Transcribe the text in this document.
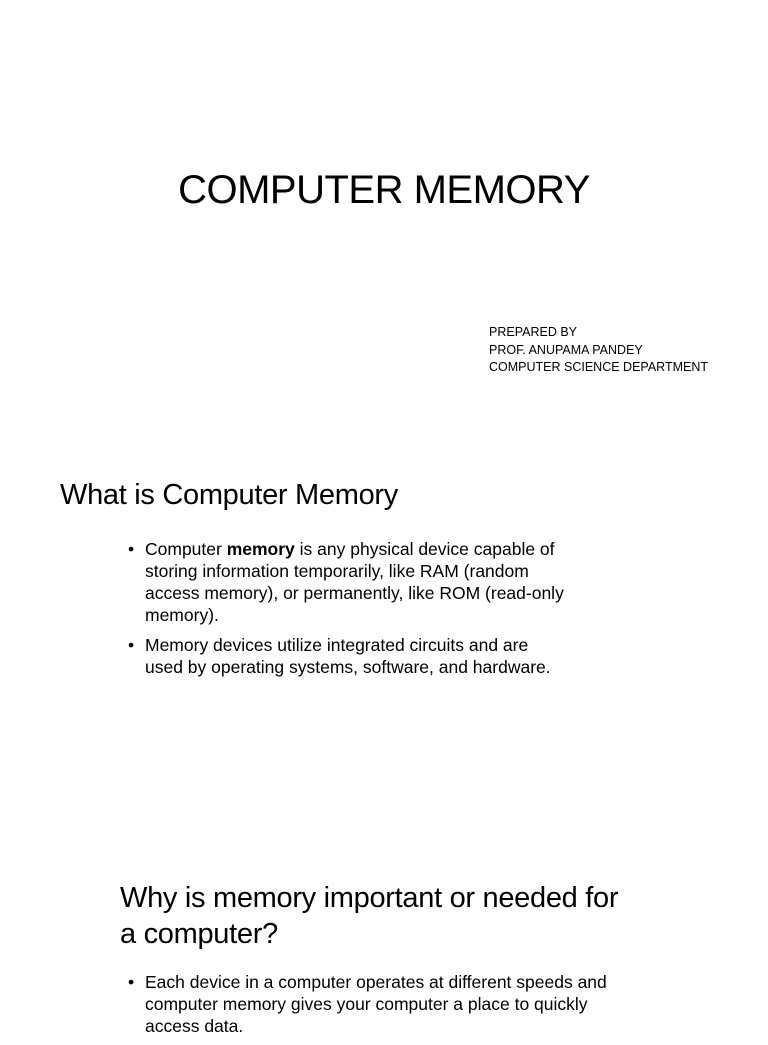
COMPUTER MEMORY
PREPARED BY
PROF. ANUPAMA PANDEY
COMPUTER SCIENCE DEPARTMENT
What is Computer Memory
• Computer memory is any physical device capable of storing information temporarily, like RAM (random access memory), or permanently, like ROM (read-only memory).
• Memory devices utilize integrated circuits and are used by operating systems, software, and hardware.
Why is memory important or needed for a computer?
• Each device in a computer operates at different speeds and computer memory gives your computer a place to quickly access data.
